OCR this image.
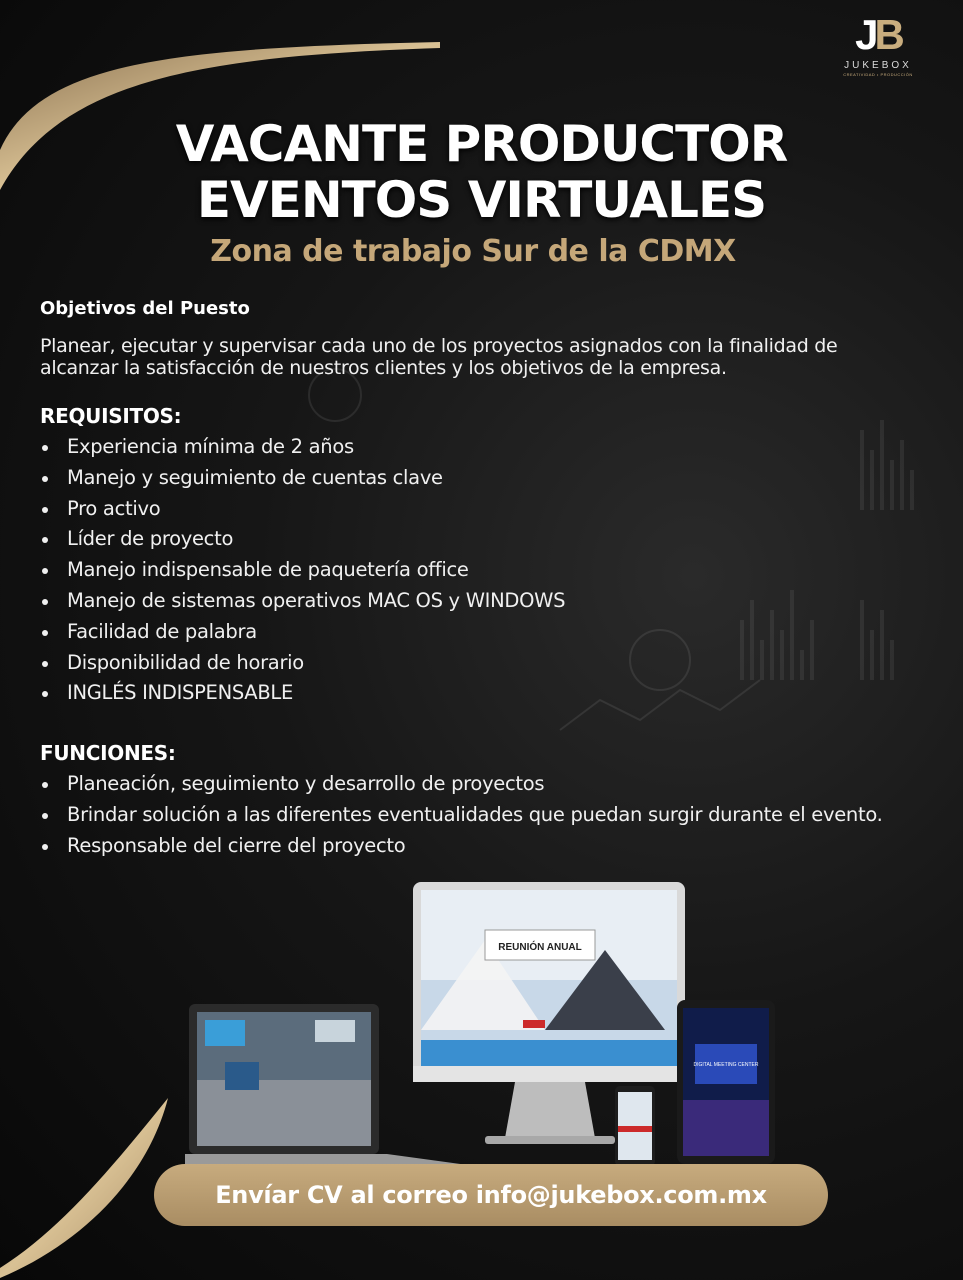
JB
JUKEBOX
CREATIVIDAD • PRODUCCIÓN
VACANTE PRODUCTOR
EVENTOS VIRTUALES
Zona de trabajo Sur de la CDMX
Objetivos del Puesto

Planear, ejecutar y supervisar cada uno de los proyectos asignados con la finalidad de alcanzar la satisfacción de nuestros clientes y los objetivos de la empresa.

REQUISITOS:
Experiencia mínima de 2 años
Manejo y seguimiento de cuentas clave
Pro activo
Líder de proyecto
Manejo indispensable de paquetería office
Manejo de sistemas operativos MAC OS y WINDOWS
Facilidad de palabra
Disponibilidad de horario
INGLÉS INDISPENSABLE
FUNCIONES:
Planeación, seguimiento y desarrollo de proyectos
Brindar solución a las diferentes eventualidades que puedan surgir durante el evento.
Responsable del cierre del proyecto
REUNIÓN ANUAL
DIGITAL MEETING CENTER
Envíar CV al correo info@jukebox.com.mx
